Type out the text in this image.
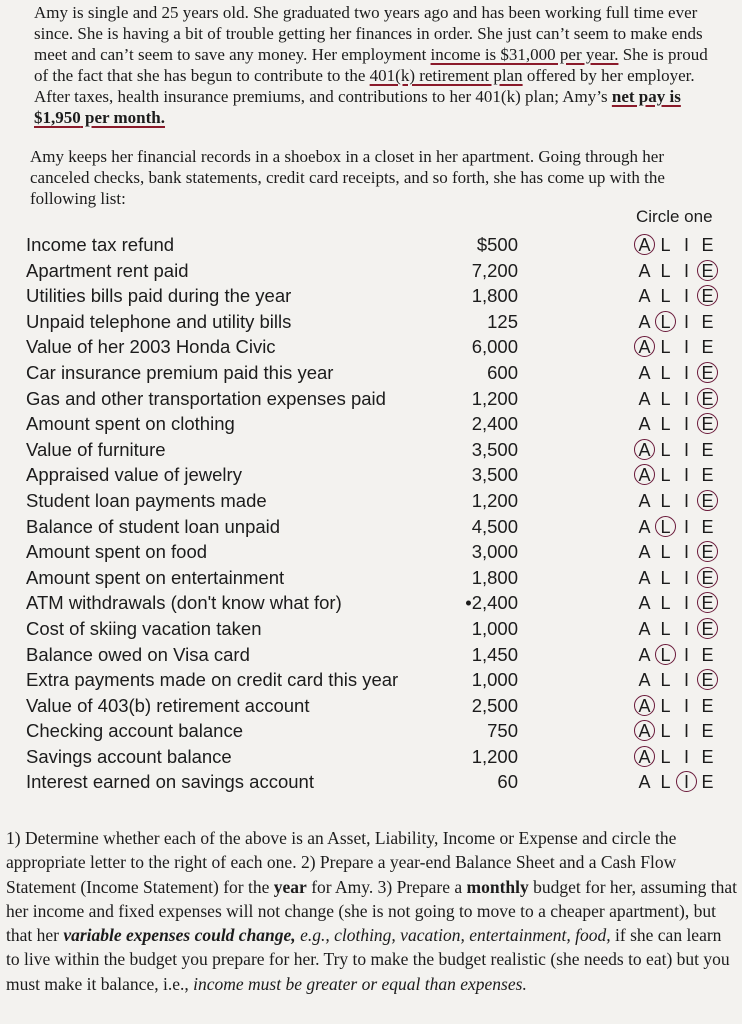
Amy is single and 25 years old. She graduated two years ago and has been working full time ever since. She is having a bit of trouble getting her finances in order. She just can’t seem to make ends meet and can’t seem to save any money. Her employment income is $31,000 per year. She is proud of the fact that she has begun to contribute to the 401(k) retirement plan offered by her employer. After taxes, health insurance premiums, and contributions to her 401(k) plan; Amy’s net pay is $1,950 per month.

Amy keeps her financial records in a shoebox in a closet in her apartment. Going through her canceled checks, bank statements, credit card receipts, and so forth, she has come up with the following list:

Circle one
Income tax refund	$500	A L I E
Apartment rent paid	7,200	A L I E
Utilities bills paid during the year	1,800	A L I E
Unpaid telephone and utility bills	125	A L I E
Value of her 2003 Honda Civic	6,000	A L I E
Car insurance premium paid this year	600	A L I E
Gas and other transportation expenses paid	1,200	A L I E
Amount spent on clothing	2,400	A L I E
Value of furniture	3,500	A L I E
Appraised value of jewelry	3,500	A L I E
Student loan payments made	1,200	A L I E
Balance of student loan unpaid	4,500	A L I E
Amount spent on food	3,000	A L I E
Amount spent on entertainment	1,800	A L I E
ATM withdrawals (don't know what for)	•2,400	A L I E
Cost of skiing vacation taken	1,000	A L I E
Balance owed on Visa card	1,450	A L I E
Extra payments made on credit card this year	1,000	A L I E
Value of 403(b) retirement account	2,500	A L I E
Checking account balance	750	A L I E
Savings account balance	1,200	A L I E
Interest earned on savings account	60	A L I E

1) Determine whether each of the above is an Asset, Liability, Income or Expense and circle the appropriate letter to the right of each one. 2) Prepare a year-end Balance Sheet and a Cash Flow Statement (Income Statement) for the year for Amy. 3) Prepare a monthly budget for her, assuming that her income and fixed expenses will not change (she is not going to move to a cheaper apartment), but that her variable expenses could change, e.g., clothing, vacation, entertainment, food, if she can learn to live within the budget you prepare for her. Try to make the budget realistic (she needs to eat) but you must make it balance, i.e., income must be greater or equal than expenses.
